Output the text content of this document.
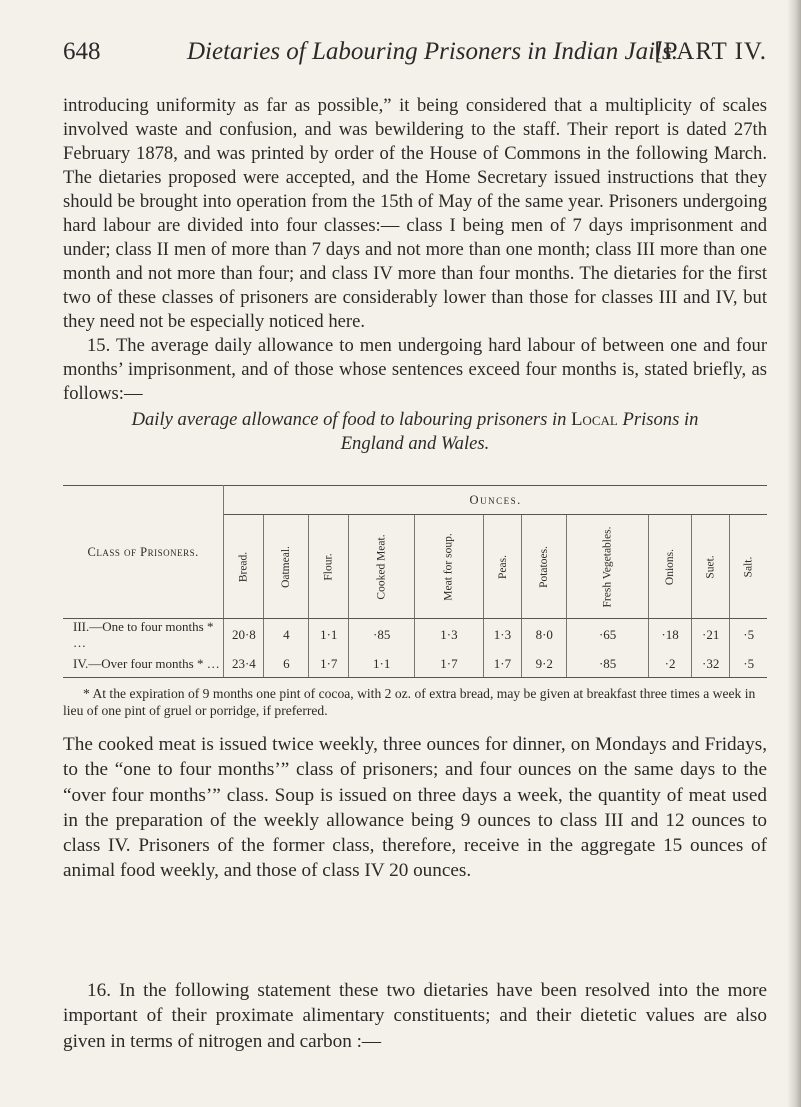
648	Dietaries of Labouring Prisoners in Indian Jails.
[PART IV.
introducing uniformity as far as possible,” it being considered that a multiplicity of scales involved waste and confusion, and was bewildering to the staff. Their report is dated 27th February 1878, and was printed by order of the House of Commons in the following March. The dietaries proposed were accepted, and the Home Secretary issued instructions that they should be brought into operation from the 15th of May of the same year. Prisoners undergoing hard labour are divided into four classes:— class I being men of 7 days imprisonment and under; class II men of more than 7 days and not more than one month; class III more than one month and not more than four; and class IV more than four months. The dietaries for the first two of these classes of prisoners are considerably lower than those for classes III and IV, but they need not be especially noticed here.
15. The average daily allowance to men undergoing hard labour of between one and four months’ imprisonment, and of those whose sentences exceed four months is, stated briefly, as follows:—
Daily average allowance of food to labouring prisoners in Local Prisons in
England and Wales.
Class of Prisoners.	Ounces.										

	Bread.	Oatmeal.	Flour.	Cooked Meat.	Meat for soup.	Peas.	Potatoes.	Fresh Vegetables.	Onions.	Suet.	Salt.

III.—One to four months * …	20·8	4	1·1	·85	1·3	1·3	8·0	·65	·18	·21	·5
IV.—Over four months * …	23·4	6	1·7	1·1	1·7	1·7	9·2	·85	·2	·32	·5

* At the expiration of 9 months one pint of cocoa, with 2 oz. of extra bread, may be given at breakfast three times a week in lieu of one pint of gruel or porridge, if preferred.

The cooked meat is issued twice weekly, three ounces for dinner, on Mondays and Fridays, to the “one to four months’” class of prisoners; and four ounces on the same days to the “over four months’” class. Soup is issued on three days a week, the quantity of meat used in the preparation of the weekly allowance being 9 ounces to class III and 12 ounces to class IV. Prisoners of the former class, therefore, receive in the aggregate 15 ounces of animal food weekly, and those of class IV 20 ounces.
16. In the following statement these two dietaries have been resolved into the more important of their proximate alimentary constituents; and their dietetic values are also given in terms of nitrogen and carbon :—
